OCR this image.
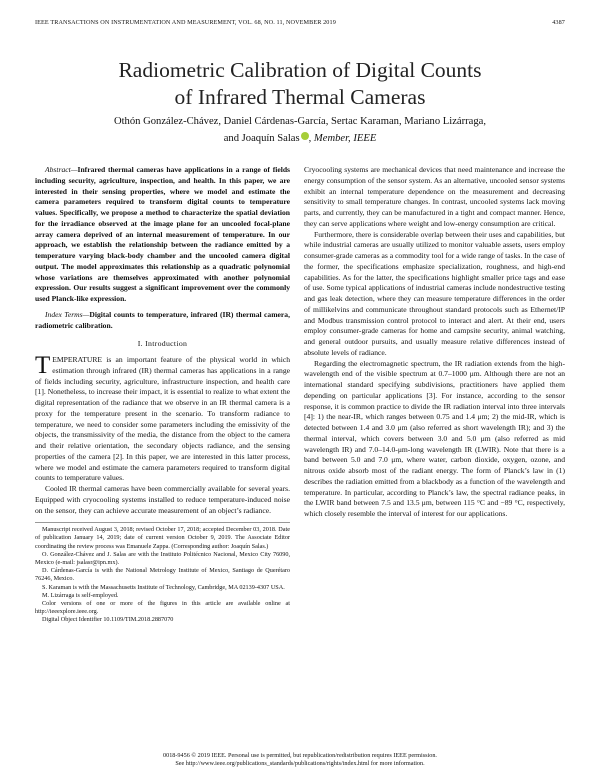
IEEE TRANSACTIONS ON INSTRUMENTATION AND MEASUREMENT, VOL. 68, NO. 11, NOVEMBER 2019	4387
Radiometric Calibration of Digital Counts
of Infrared Thermal Cameras
Othón González-Chávez, Daniel Cárdenas-García, Sertac Karaman, Mariano Lizárraga,
and Joaquín Salas , Member, IEEE

Abstract—Infrared thermal cameras have applications in a range of fields including security, agriculture, inspection, and health. In this paper, we are interested in their sensing properties, where we model and estimate the camera parameters required to transform digital counts to temperature values. Specifically, we propose a method to characterize the spatial deviation for the irradiance observed at the image plane for an uncooled focal-plane array camera deprived of an internal measurement of temperature. In our approach, we establish the relationship between the radiance emitted by a temperature varying black-body chamber and the uncooled camera digital output. The model approximates this relationship as a quadratic polynomial whose variations are themselves approximated with another polynomial expression. Our results suggest a significant improvement over the commonly used Planck-like expression.

Index Terms—Digital counts to temperature, infrared (IR) thermal camera, radiometric calibration.

I. Introduction

TEMPERATURE is an important feature of the physical world in which estimation through infrared (IR) thermal cameras has applications in a range of fields including security, agriculture, infrastructure inspection, and health care [1]. Nonetheless, to increase their impact, it is essential to realize to what extent the digital representation of the radiance that we observe in an IR thermal camera is a proxy for the temperature present in the scenario. To transform radiance to temperature, we need to consider some parameters including the emissivity of the objects, the transmissivity of the media, the distance from the object to the camera and their relative orientation, the secondary objects radiance, and the sensing properties of the camera [2]. In this paper, we are interested in this latter process, where we model and estimate the camera parameters required to transform digital counts to temperature values.

Cooled IR thermal cameras have been commercially available for several years. Equipped with cryocooling systems installed to reduce temperature-induced noise on the sensor, they can achieve accurate measurement of an object’s radiance.

Manuscript received August 3, 2018; revised October 17, 2018; accepted December 03, 2018. Date of publication January 14, 2019; date of current version October 9, 2019. The Associate Editor coordinating the review process was Emanuele Zappa. (Corresponding author: Joaquín Salas.)

O. González-Chávez and J. Salas are with the Instituto Politécnico Nacional, Mexico City 76090, Mexico (e-mail: jsalasr@ipn.mx).

D. Cárdenas-García is with the National Metrology Institute of Mexico, Santiago de Querétaro 76246, Mexico.

S. Karaman is with the Massachusetts Institute of Technology, Cambridge, MA 02139-4307 USA.

M. Lizárraga is self-employed.

Color versions of one or more of the figures in this article are available online at http://ieeexplore.ieee.org.

Digital Object Identifier 10.1109/TIM.2018.2887070

Cryocooling systems are mechanical devices that need maintenance and increase the energy consumption of the sensor system. As an alternative, uncooled sensor systems exhibit an internal temperature dependence on the measurement and decreasing sensitivity to small temperature changes. In contrast, uncooled systems lack moving parts, and currently, they can be manufactured in a tight and compact manner. Hence, they can serve applications where weight and low-energy consumption are critical.

Furthermore, there is considerable overlap between their uses and capabilities, but while industrial cameras are usually utilized to monitor valuable assets, users employ consumer-grade cameras as a commodity tool for a wide range of tasks. In the case of the former, the specifications emphasize specialization, roughness, and high-end capabilities. As for the latter, the specifications highlight smaller price tags and ease of use. Some typical applications of industrial cameras include nondestructive testing and gas leak detection, where they can measure temperature differences in the order of millikelvins and communicate throughout standard protocols such as Ethernet/IP and Modbus transmission control protocol to interact and alert. At their end, users employ consumer-grade cameras for home and campsite security, animal watching, and general outdoor pursuits, and usually measure relative differences instead of absolute levels of radiance.

Regarding the electromagnetic spectrum, the IR radiation extends from the high-wavelength end of the visible spectrum at 0.7–1000 μm. Although there are not an international standard specifying subdivisions, practitioners have applied them depending on particular applications [3]. For instance, according to the sensor response, it is common practice to divide the IR radiation interval into three intervals [4]: 1) the near-IR, which ranges between 0.75 and 1.4 μm; 2) the mid-IR, which is detected between 1.4 and 3.0 μm (also referred as short wavelength IR); and 3) the thermal interval, which covers between 3.0 and 5.0 μm (also referred as mid wavelength IR) and 7.0–14.0-μm-long wavelength IR (LWIR). Note that there is a band between 5.0 and 7.0 μm, where water, carbon dioxide, oxygen, ozone, and nitrous oxide absorb most of the radiant energy. The form of Planck’s law in (1) describes the radiation emitted from a blackbody as a function of the wavelength and temperature. In particular, according to Planck’s law, the spectral radiance peaks, in the LWIR band between 7.5 and 13.5 μm, between 115 °C and −89 °C, respectively, which closely resemble the interval of interest for our applications.

0018-9456 © 2019 IEEE. Personal use is permitted, but republication/redistribution requires IEEE permission.
See http://www.ieee.org/publications_standards/publications/rights/index.html for more information.
